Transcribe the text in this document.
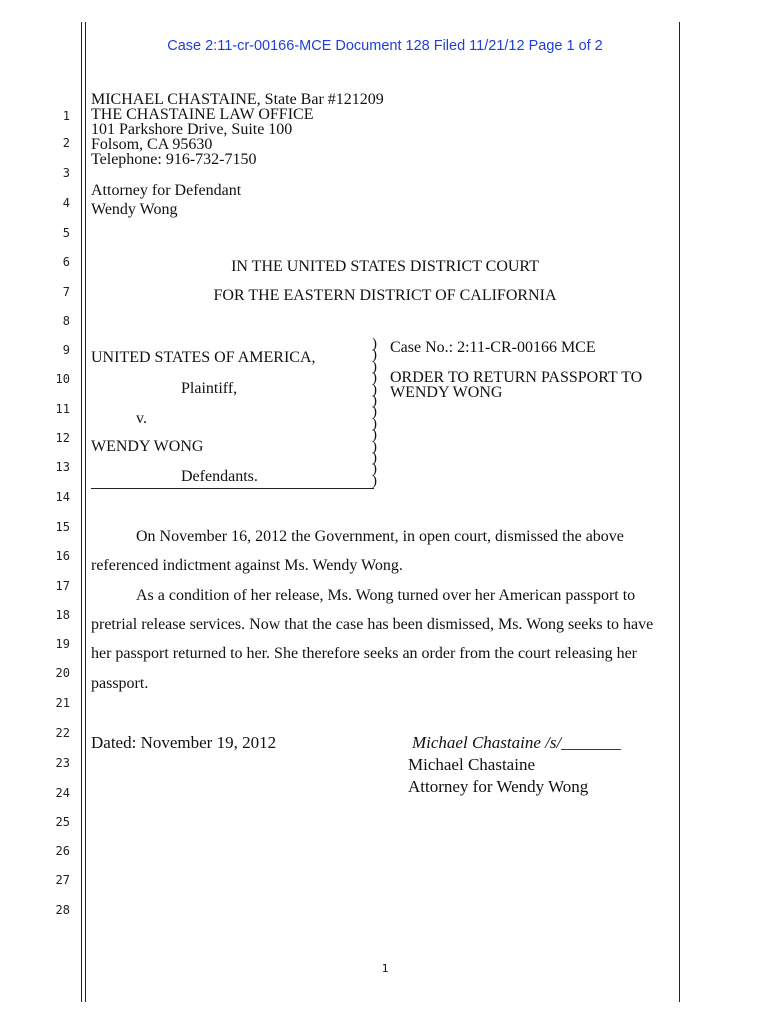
Case 2:11-cr-00166-MCE Document 128 Filed 11/21/12 Page 1 of 2
1
2
3
4
5
6
7
8
9
10
11
12
13
14
15
16
17
18
19
20
21
22
23
24
25
26
27
28
MICHAEL CHASTAINE, State Bar #121209
THE CHASTAINE LAW OFFICE
101 Parkshore Drive, Suite 100
Folsom, CA 95630
Telephone: 916-732-7150
Attorney for Defendant
Wendy Wong
IN THE UNITED STATES DISTRICT COURT
FOR THE EASTERN DISTRICT OF CALIFORNIA
UNITED STATES OF AMERICA,
Plaintiff,
v.
WENDY WONG
Defendants.
)
)
)
)
)
)
)
)
)
)
)
)
)
Case No.: 2:11-CR-00166 MCE
ORDER TO RETURN PASSPORT TO
WENDY WONG
On November 16, 2012 the Government, in open court, dismissed the above
referenced indictment against Ms. Wendy Wong.
As a condition of her release, Ms. Wong turned over her American passport to
pretrial release services. Now that the case has been dismissed, Ms. Wong seeks to have
her passport returned to her. She therefore seeks an order from the court releasing her
passport.
Dated: November 19, 2012	Michael Chastaine /s/_______
Michael Chastaine
Attorney for Wendy Wong
1
